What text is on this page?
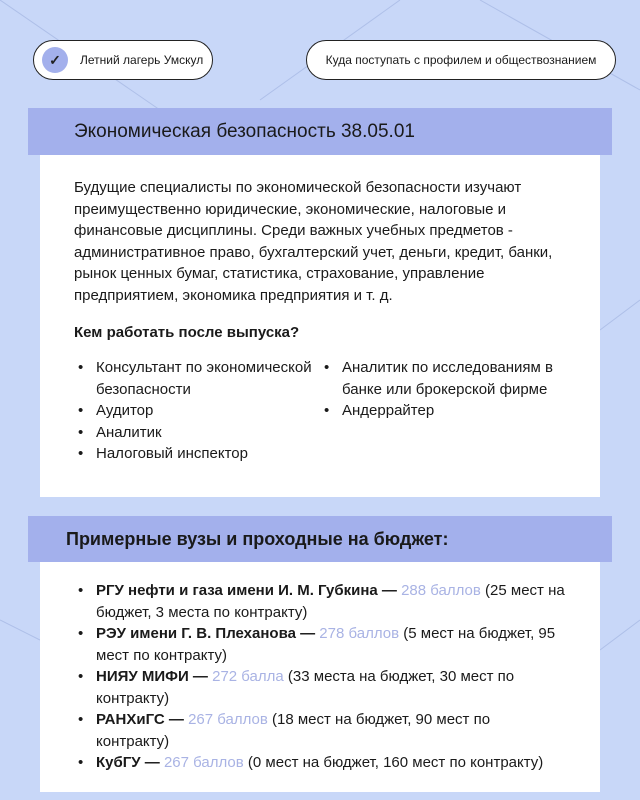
✓	Летний лагерь Умскул	Куда поступать с профилем и обществознанием
Экономическая безопасность 38.05.01

Будущие специалисты по экономической безопасности изучают преимущественно юридические, экономические, налоговые и финансовые дисциплины. Среди важных учебных предметов - административное право, бухгалтерский учет, деньги, кредит, банки, рынок ценных бумаг, статистика, страхование, управление предприятием, экономика предприятия и т. д.

Кем работать после выпуска?

• Консультант по экономической безопасности
• Аудитор
• Аналитик
• Налоговый инспектор
• Аналитик по исследованиям в банке или брокерской фирме
• Андеррайтер
Примерные вузы и проходные на бюджет:
• РГУ нефти и газа имени И. М. Губкина — 288 баллов (25 мест на бюджет, 3 места по контракту)
• РЭУ имени Г. В. Плеханова — 278 баллов (5 мест на бюджет, 95 мест по контракту)
• НИЯУ МИФИ — 272 балла (33 места на бюджет, 30 мест по контракту)
• РАНХиГС — 267 баллов (18 мест на бюджет, 90 мест по контракту)
• КубГУ — 267 баллов (0 мест на бюджет, 160 мест по контракту)
